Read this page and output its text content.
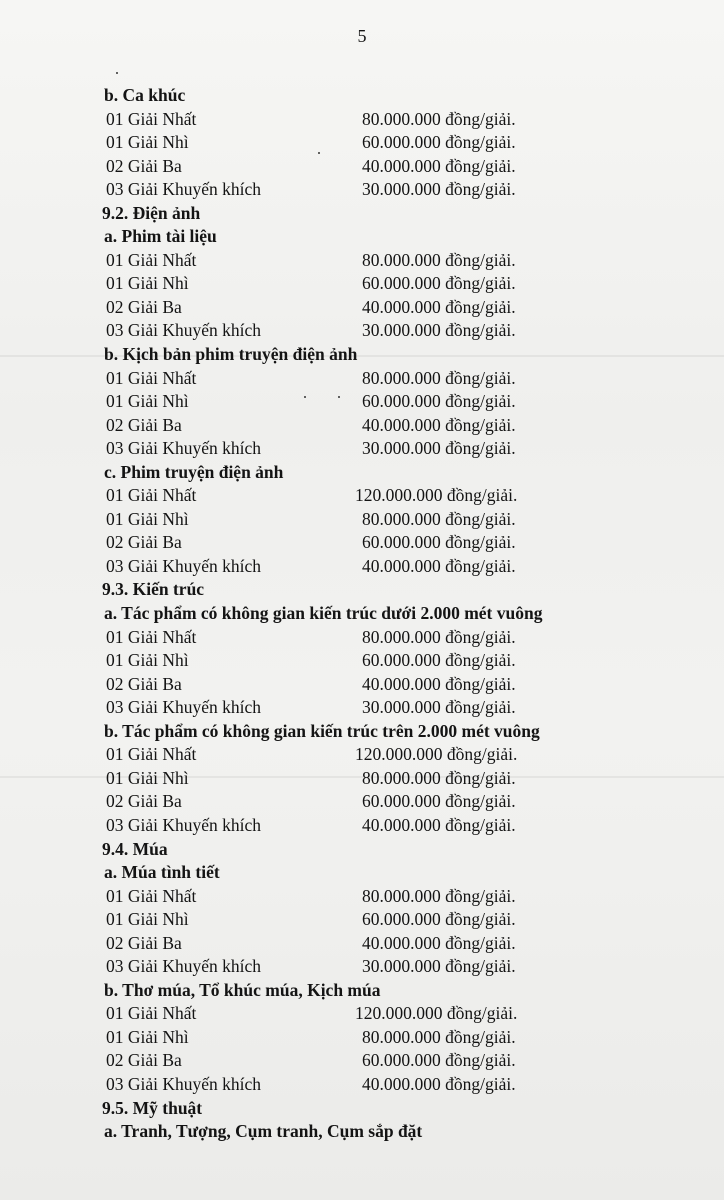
5
b. Ca khúc
01 Giải Nhất	80.000.000 đồng/giải.
01 Giải Nhì	60.000.000 đồng/giải.
02 Giải Ba	40.000.000 đồng/giải.
03 Giải Khuyến khích	30.000.000 đồng/giải.
9.2. Điện ảnh
a. Phim tài liệu
01 Giải Nhất	80.000.000 đồng/giải.
01 Giải Nhì	60.000.000 đồng/giải.
02 Giải Ba	40.000.000 đồng/giải.
03 Giải Khuyến khích	30.000.000 đồng/giải.
b. Kịch bản phim truyện điện ảnh
01 Giải Nhất	80.000.000 đồng/giải.
01 Giải Nhì	60.000.000 đồng/giải.
02 Giải Ba	40.000.000 đồng/giải.
03 Giải Khuyến khích	30.000.000 đồng/giải.
c. Phim truyện điện ảnh
01 Giải Nhất	120.000.000 đồng/giải.
01 Giải Nhì	80.000.000 đồng/giải.
02 Giải Ba	60.000.000 đồng/giải.
03 Giải Khuyến khích	40.000.000 đồng/giải.
9.3. Kiến trúc
a. Tác phẩm có không gian kiến trúc dưới 2.000 mét vuông
01 Giải Nhất	80.000.000 đồng/giải.
01 Giải Nhì	60.000.000 đồng/giải.
02 Giải Ba	40.000.000 đồng/giải.
03 Giải Khuyến khích	30.000.000 đồng/giải.
b. Tác phẩm có không gian kiến trúc trên 2.000 mét vuông
01 Giải Nhất	120.000.000 đồng/giải.
01 Giải Nhì	80.000.000 đồng/giải.
02 Giải Ba	60.000.000 đồng/giải.
03 Giải Khuyến khích	40.000.000 đồng/giải.
9.4. Múa
a. Múa tình tiết
01 Giải Nhất	80.000.000 đồng/giải.
01 Giải Nhì	60.000.000 đồng/giải.
02 Giải Ba	40.000.000 đồng/giải.
03 Giải Khuyến khích	30.000.000 đồng/giải.
b. Thơ múa, Tổ khúc múa, Kịch múa
01 Giải Nhất	120.000.000 đồng/giải.
01 Giải Nhì	80.000.000 đồng/giải.
02 Giải Ba	60.000.000 đồng/giải.
03 Giải Khuyến khích	40.000.000 đồng/giải.
9.5. Mỹ thuật
a. Tranh, Tượng, Cụm tranh, Cụm sắp đặt
